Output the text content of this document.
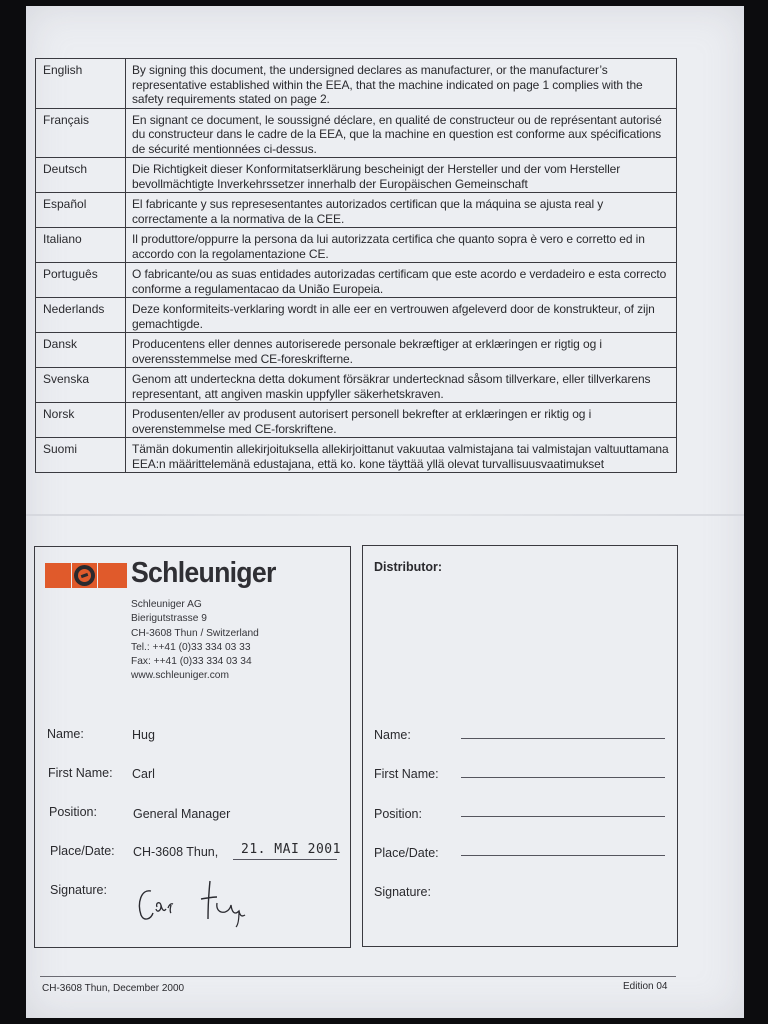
English	By signing this document, the undersigned declares as manufacturer, or the manufacturer’s representative established within the EEA, that the machine indicated on page 1 complies with the safety requirements stated on page 2.
Français	En signant ce document, le soussigné déclare, en qualité de constructeur ou de représentant autorisé du constructeur dans le cadre de la EEA, que la machine en question est conforme aux spécifications de sécurité mentionnées ci-dessus.
Deutsch	Die Richtigkeit dieser Konformitatserklärung bescheinigt der Hersteller und der vom Hersteller bevollmächtigte Inverkehrssetzer innerhalb der Europäischen Gemeinschaft
Español	El fabricante y sus represesentantes autorizados certifican que la máquina se ajusta real y correctamente a la normativa de la CEE.
Italiano	Il produttore/oppurre la persona da lui autorizzata certifica che quanto sopra è vero e corretto ed in accordo con la regolamentazione CE.
Português	O fabricante/ou as suas entidades autorizadas certificam que este acordo e verdadeiro e esta correcto conforme a regulamentacao da União Europeia.
Nederlands	Deze konformiteits-verklaring wordt in alle eer en vertrouwen afgeleverd door de konstrukteur, of zijn gemachtigde.
Dansk	Producentens eller dennes autoriserede personale bekræftiger at erklæringen er rigtig og i overensstemmelse med CE-foreskrifterne.
Svenska	Genom att underteckna detta dokument försäkrar undertecknad såsom tillverkare, eller tillverkarens representant, att angiven maskin uppfyller säkerhetskraven.
Norsk	Produsenten/eller av produsent autorisert personell bekrefter at erklæringen er riktig og i overenstemmelse med CE-forskriftene.
Suomi	Tämän dokumentin allekirjoituksella allekirjoittanut vakuutaa valmistajana tai valmistajan valtuuttamana EEA:n määrittelemänä edustajana, että ko. kone täyttää yllä olevat turvallisuusvaatimukset
Schleuniger
Schleuniger AG
Bierigutstrasse 9
CH-3608 Thun / Switzerland
Tel.: ++41 (0)33 334 03 33
Fax: ++41 (0)33 334 03 34
www.schleuniger.com
Name:	Hug
First Name: Carl
Position:	General Manager
Place/Date: CH-3608 Thun, 21. MAI 2001
Signature:
Distributor:
Name:
First Name:
Position:
Place/Date:
Signature:
CH-3608 Thun, December 2000	Edition 04
